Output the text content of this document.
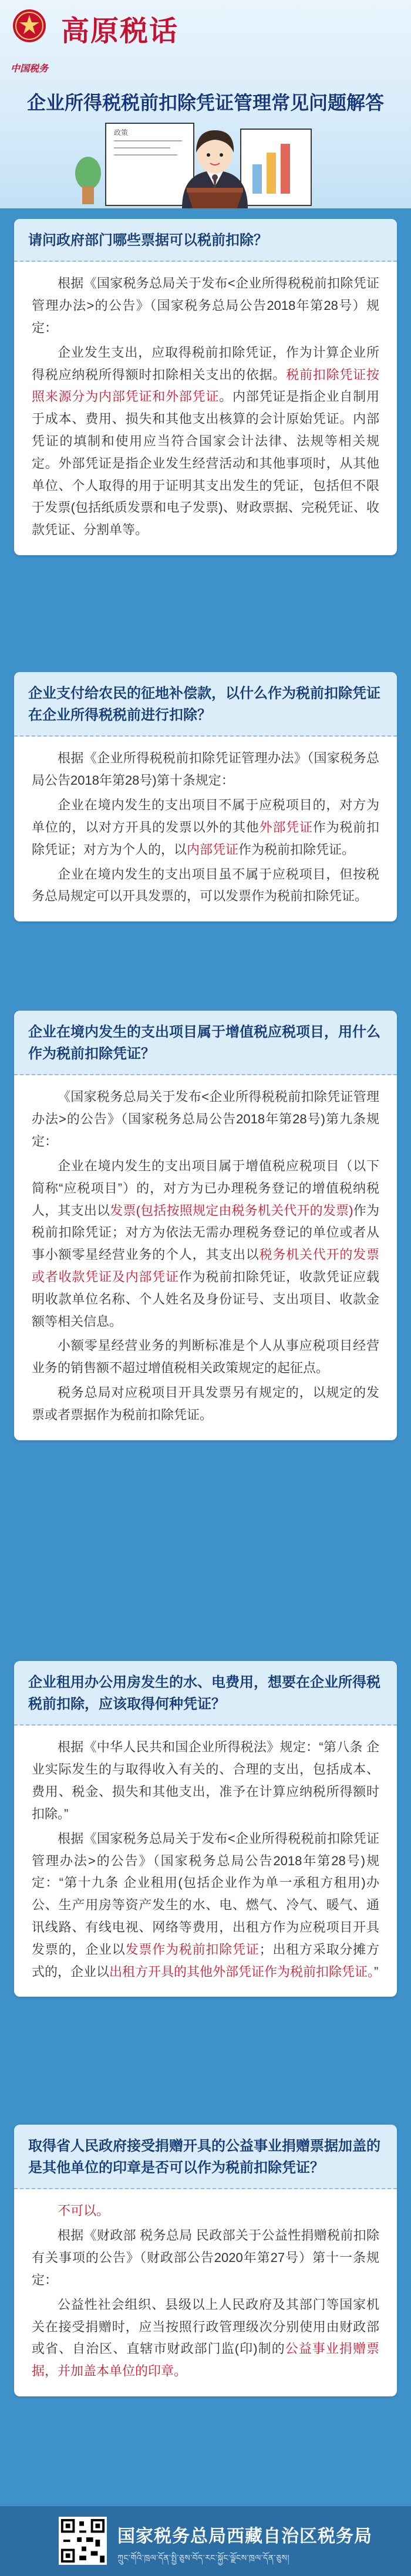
中国税务
高原税话
企业所得税税前扣除凭证管理常见问题解答
政策
请问政府部门哪些票据可以税前扣除？

根据《国家税务总局关于发布<企业所得税税前扣除凭证管理办法>的公告》（国家税务总局公告2018年第28号）规定：

企业发生支出，应取得税前扣除凭证，作为计算企业所得税应纳税所得额时扣除相关支出的依据。税前扣除凭证按照来源分为内部凭证和外部凭证。内部凭证是指企业自制用于成本、费用、损失和其他支出核算的会计原始凭证。内部凭证的填制和使用应当符合国家会计法律、法规等相关规定。外部凭证是指企业发生经营活动和其他事项时，从其他单位、个人取得的用于证明其支出发生的凭证，包括但不限于发票(包括纸质发票和电子发票)、财政票据、完税凭证、收款凭证、分割单等。

企业支付给农民的征地补偿款，以什么作为税前扣除凭证在企业所得税税前进行扣除？

根据《企业所得税税前扣除凭证管理办法》（国家税务总局公告2018年第28号)第十条规定：

企业在境内发生的支出项目不属于应税项目的，对方为单位的，以对方开具的发票以外的其他外部凭证作为税前扣除凭证；对方为个人的，以内部凭证作为税前扣除凭证。

企业在境内发生的支出项目虽不属于应税项目，但按税务总局规定可以开具发票的，可以发票作为税前扣除凭证。

企业在境内发生的支出项目属于增值税应税项目，用什么作为税前扣除凭证？

《国家税务总局关于发布<企业所得税税前扣除凭证管理办法>的公告》（国家税务总局公告2018年第28号)第九条规定：

企业在境内发生的支出项目属于增值税应税项目（以下简称“应税项目”）的，对方为已办理税务登记的增值税纳税人，其支出以发票(包括按照规定由税务机关代开的发票)作为税前扣除凭证；对方为依法无需办理税务登记的单位或者从事小额零星经营业务的个人，其支出以税务机关代开的发票或者收款凭证及内部凭证作为税前扣除凭证，收款凭证应载明收款单位名称、个人姓名及身份证号、支出项目、收款金额等相关信息。

小额零星经营业务的判断标准是个人从事应税项目经营业务的销售额不超过增值税相关政策规定的起征点。

税务总局对应税项目开具发票另有规定的，以规定的发票或者票据作为税前扣除凭证。

企业租用办公用房发生的水、电费用，想要在企业所得税税前扣除，应该取得何种凭证？

根据《中华人民共和国企业所得税法》规定：“第八条 企业实际发生的与取得收入有关的、合理的支出，包括成本、费用、税金、损失和其他支出，准予在计算应纳税所得额时扣除。”

根据《国家税务总局关于发布<企业所得税税前扣除凭证管理办法>的公告》（国家税务总局公告2018年第28号)规定：“第十九条 企业租用(包括企业作为单一承租方租用)办公、生产用房等资产发生的水、电、燃气、冷气、暖气、通讯线路、有线电视、网络等费用，出租方作为应税项目开具发票的，企业以发票作为税前扣除凭证；出租方采取分摊方式的，企业以出租方开具的其他外部凭证作为税前扣除凭证。”

取得省人民政府接受捐赠开具的公益事业捐赠票据加盖的是其他单位的印章是否可以作为税前扣除凭证？

不可以。

根据《财政部 税务总局 民政部关于公益性捐赠税前扣除有关事项的公告》（财政部公告2020年第27号）第十一条规定：

公益性社会组织、县级以上人民政府及其部门等国家机关在接受捐赠时，应当按照行政管理级次分别使用由财政部或省、自治区、直辖市财政部门监(印)制的公益事业捐赠票据，并加盖本单位的印章。

国家税务总局西藏自治区税务局
ཀྲུང་གོའི་ཁྲལ་དོན་སྤྱི་ཅུས་བོད་རང་སྐྱོང་ལྗོངས་ཁྲལ་དོན་ཅུས།
